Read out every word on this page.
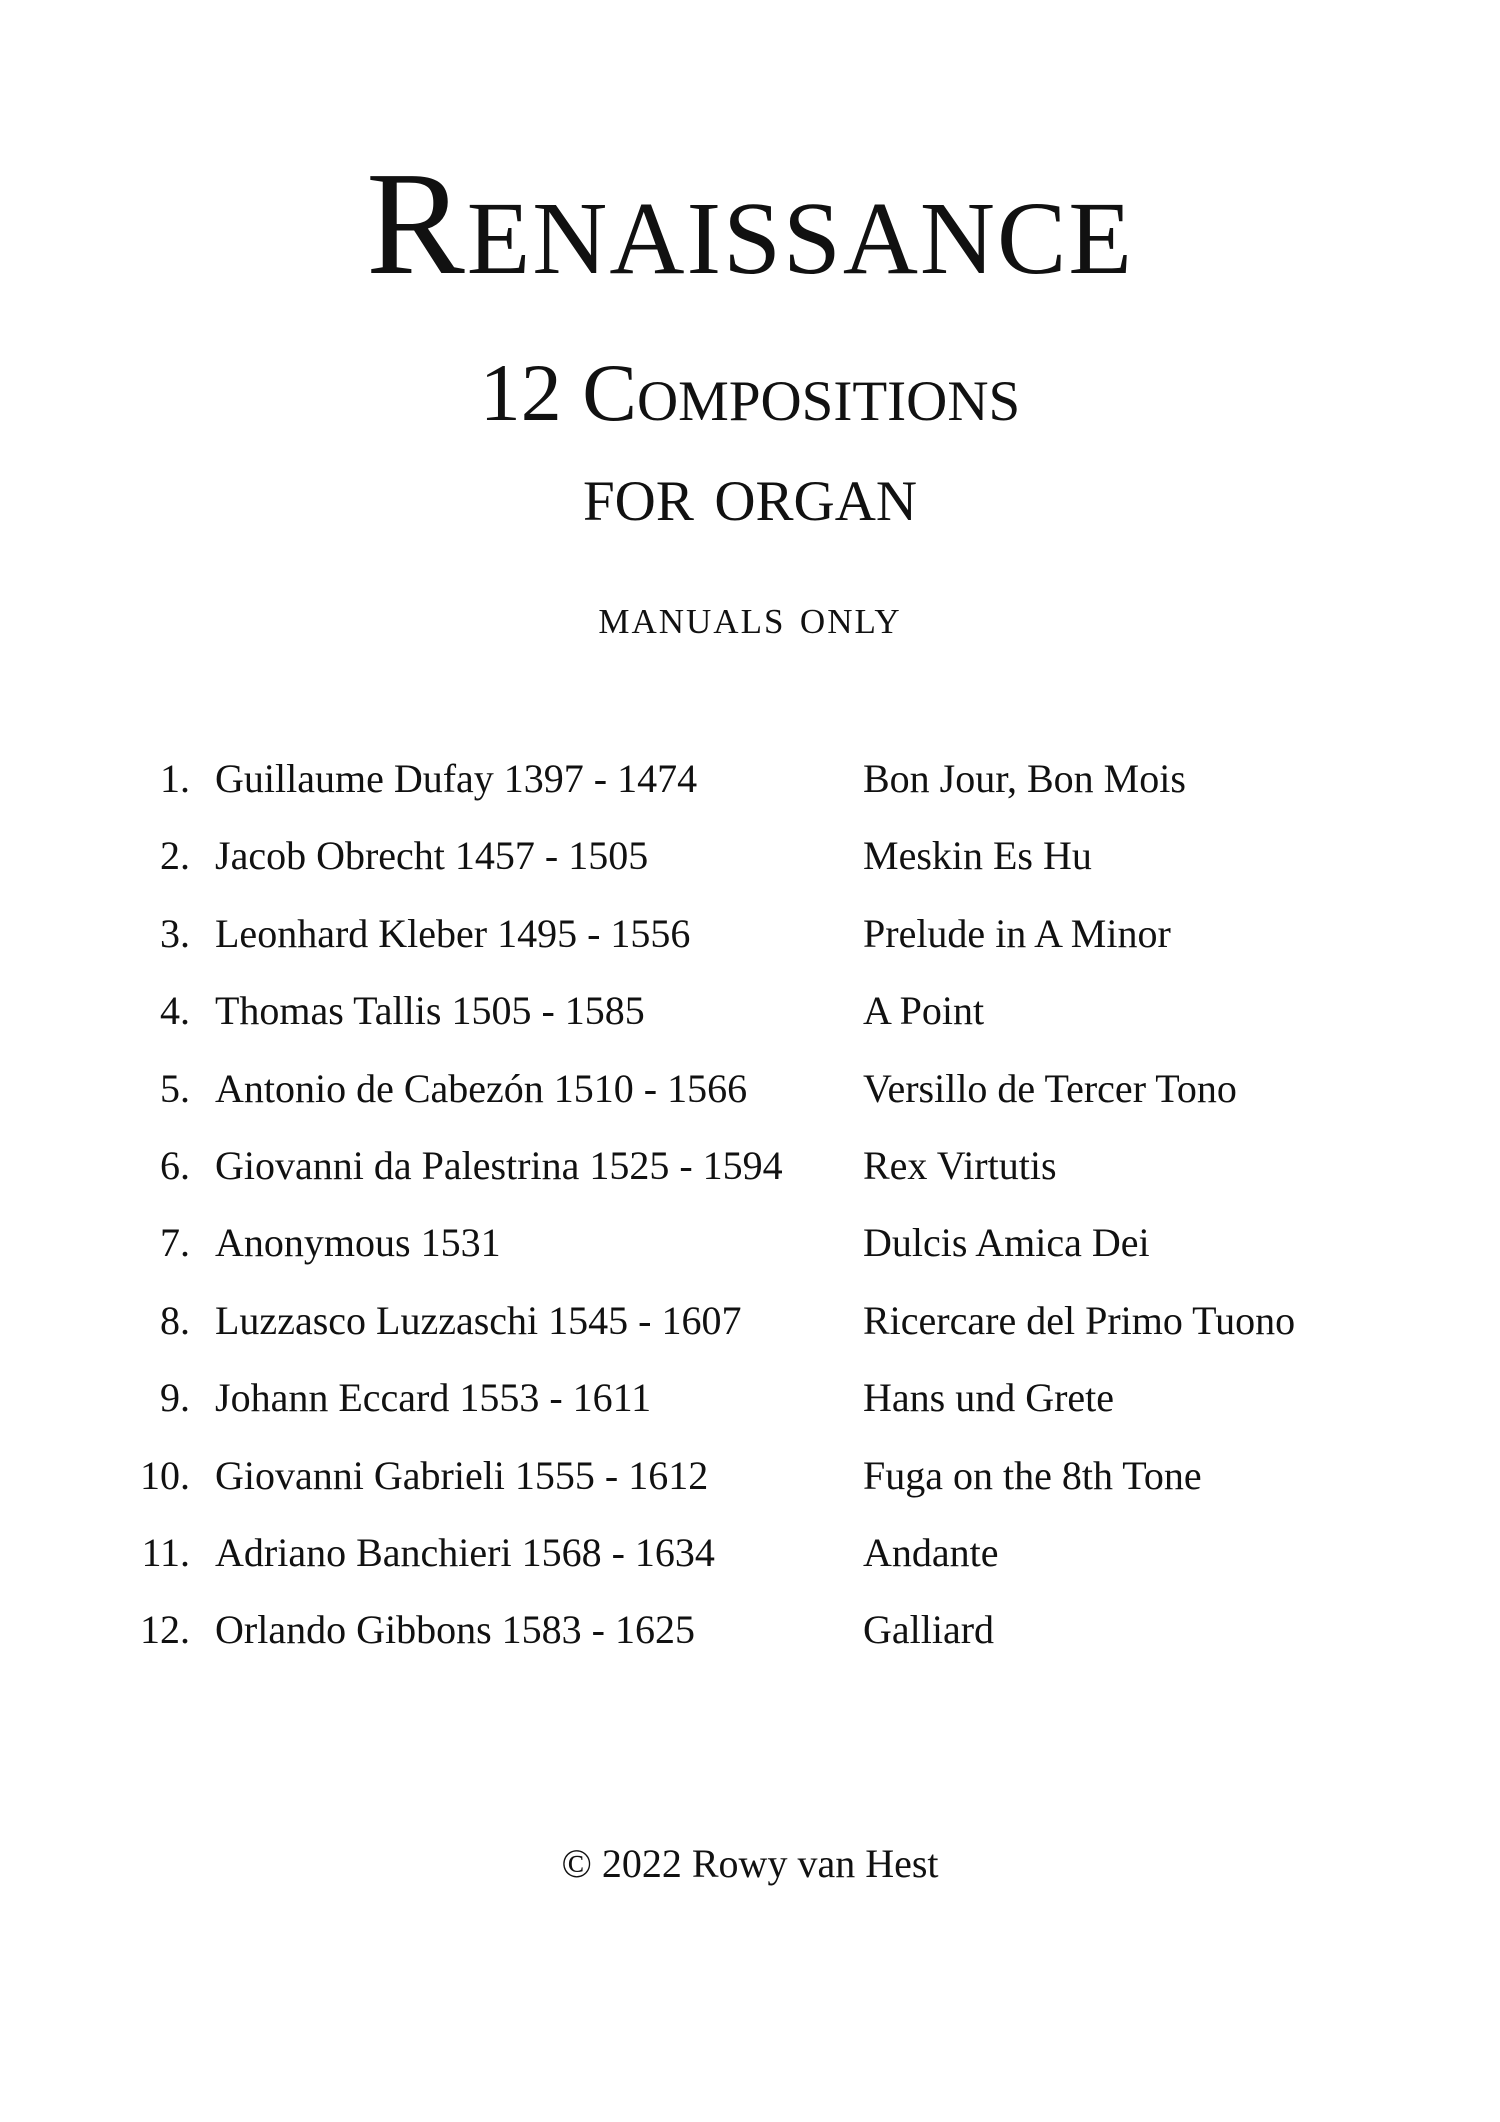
Renaissance
12 Compositions
for organ
manuals only
1. Guillaume Dufay 1397 - 1474	Bon Jour, Bon Mois
2. Jacob Obrecht 1457 - 1505	Meskin Es Hu
3. Leonhard Kleber 1495 - 1556	Prelude in A Minor
4. Thomas Tallis 1505 - 1585	A Point
5. Antonio de Cabezón 1510 - 1566	Versillo de Tercer Tono
6. Giovanni da Palestrina 1525 - 1594 Rex Virtutis
7. Anonymous 1531	Dulcis Amica Dei
8. Luzzasco Luzzaschi 1545 - 1607	Ricercare del Primo Tuono
9. Johann Eccard 1553 - 1611	Hans und Grete
10. Giovanni Gabrieli 1555 - 1612	Fuga on the 8th Tone
11. Adriano Banchieri 1568 - 1634	Andante
12. Orlando Gibbons 1583 - 1625	Galliard
© 2022 Rowy van Hest
